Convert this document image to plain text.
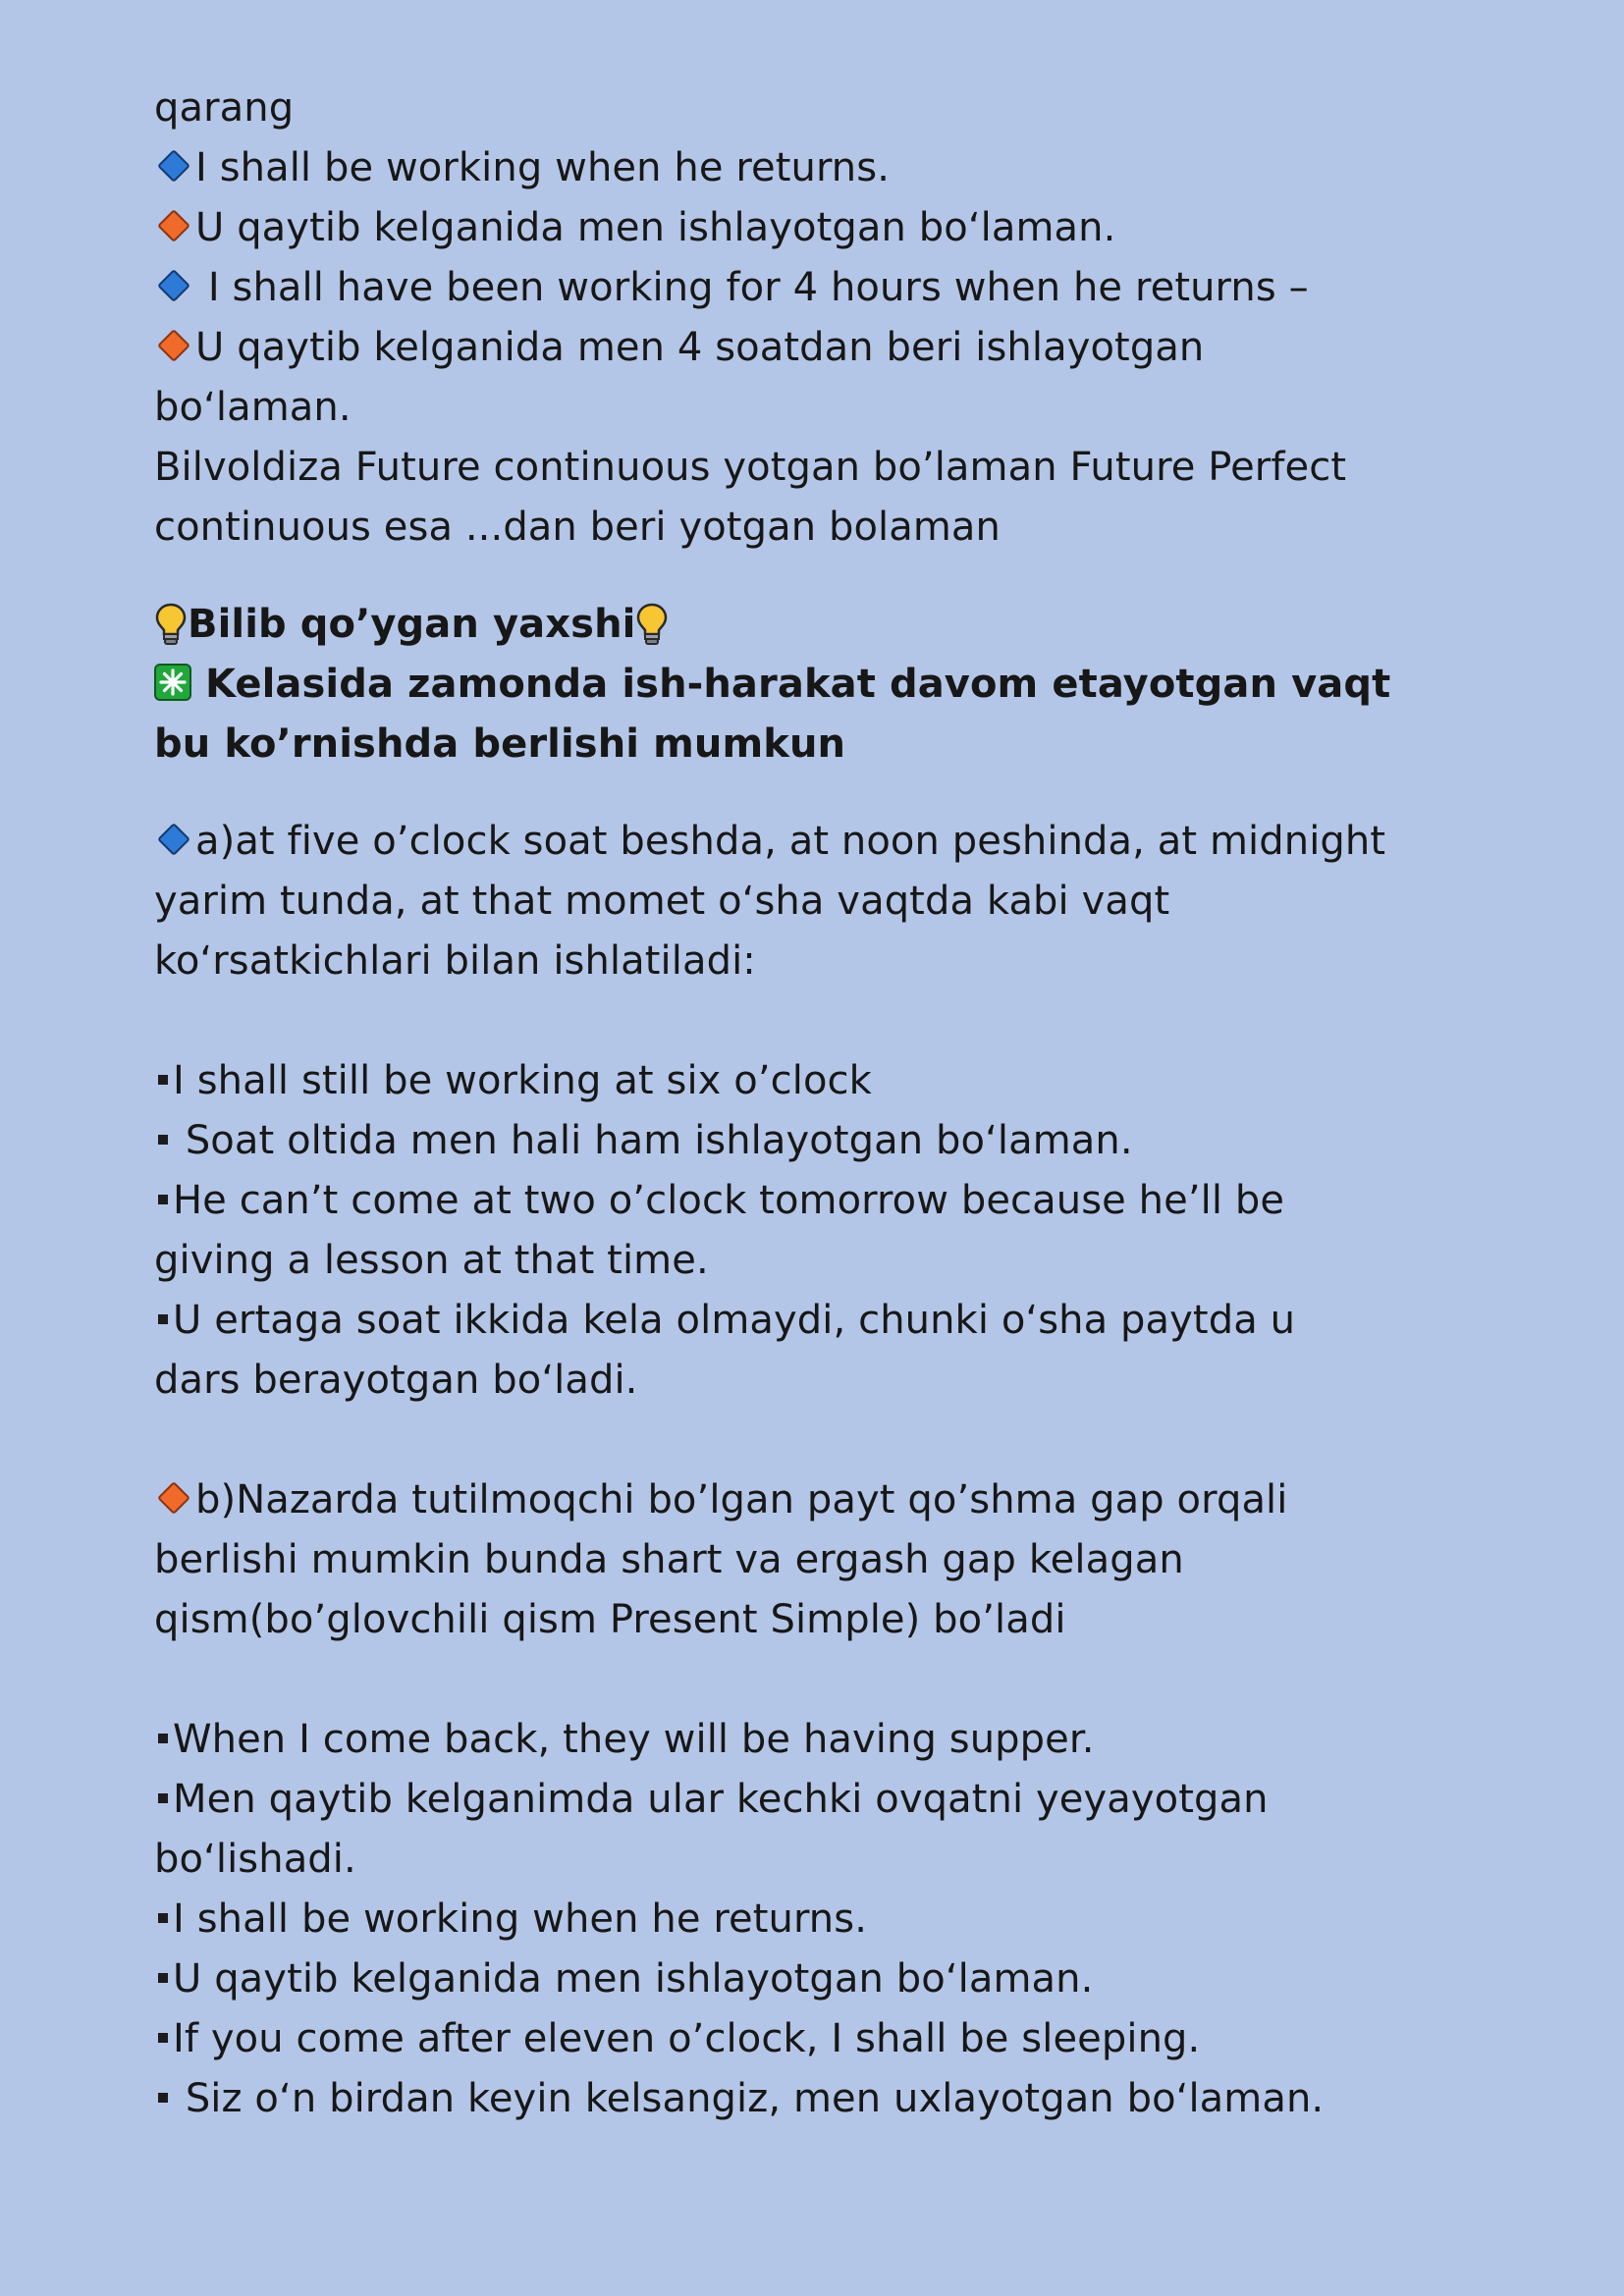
qarang
I shall be working when he returns.
U qaytib kelganida men ishlayotgan bo‘laman.
I shall have been working for 4 hours when he returns –
U qaytib kelganida men 4 soatdan beri ishlayotgan
bo‘laman.
Bilvoldiza Future continuous yotgan bo’laman Future Perfect
continuous esa ...dan beri yotgan bolaman
Bilib qo’ygan yaxshi
Kelasida zamonda ish-harakat davom etayotgan vaqt
bu ko’rnishda berlishi mumkun
a)at five o’clock soat beshda, at noon peshinda, at midnight
yarim tunda, at that momet o‘sha vaqtda kabi vaqt
ko‘rsatkichlari bilan ishlatiladi:
I shall still be working at six o’clock
Soat oltida men hali ham ishlayotgan bo‘laman.
He can’t come at two o’clock tomorrow because he’ll be
giving a lesson at that time.
U ertaga soat ikkida kela olmaydi, chunki o‘sha paytda u
dars berayotgan bo‘ladi.
b)Nazarda tutilmoqchi bo’lgan payt qo’shma gap orqali
berlishi mumkin bunda shart va ergash gap kelagan
qism(bo’glovchili qism Present Simple) bo’ladi
When I come back, they will be having supper.
Men qaytib kelganimda ular kechki ovqatni yeyayotgan
bo‘lishadi.
I shall be working when he returns.
U qaytib kelganida men ishlayotgan bo‘laman.
If you come after eleven o’clock, I shall be sleeping.
Siz o‘n birdan keyin kelsangiz, men uxlayotgan bo‘laman.
